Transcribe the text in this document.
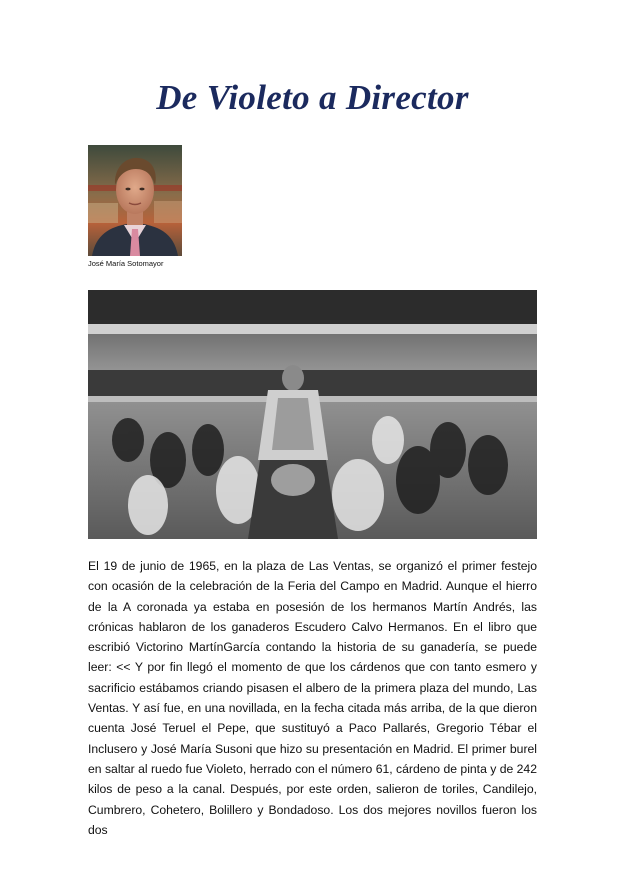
De Violeto a Director
José María Sotomayor

El 19 de junio de 1965, en la plaza de Las Ventas, se organizó el primer festejo con ocasión de la celebración de la Feria del Campo en Madrid. Aunque el hierro de la A coronada ya estaba en posesión de los hermanos Martín Andrés, las crónicas hablaron de los ganaderos Escudero Calvo Hermanos. En el libro que escribió Victorino MartínGarcía contando la historia de su ganadería, se puede leer: << Y por fin llegó el momento de que los cárdenos que con tanto esmero y sacrificio estábamos criando pisasen el albero de la primera plaza del mundo, Las Ventas. Y así fue, en una novillada, en la fecha citada más arriba, de la que dieron cuenta José Teruel el Pepe, que sustituyó a Paco Pallarés, Gregorio Tébar el Inclusero y José María Susoni que hizo su presentación en Madrid. El primer burel en saltar al ruedo fue Violeto, herrado con el número 61, cárdeno de pinta y de 242 kilos de peso a la canal. Después, por este orden, salieron de toriles, Candilejo, Cumbrero, Cohetero, Bolillero y Bondadoso. Los dos mejores novillos fueron los dos
